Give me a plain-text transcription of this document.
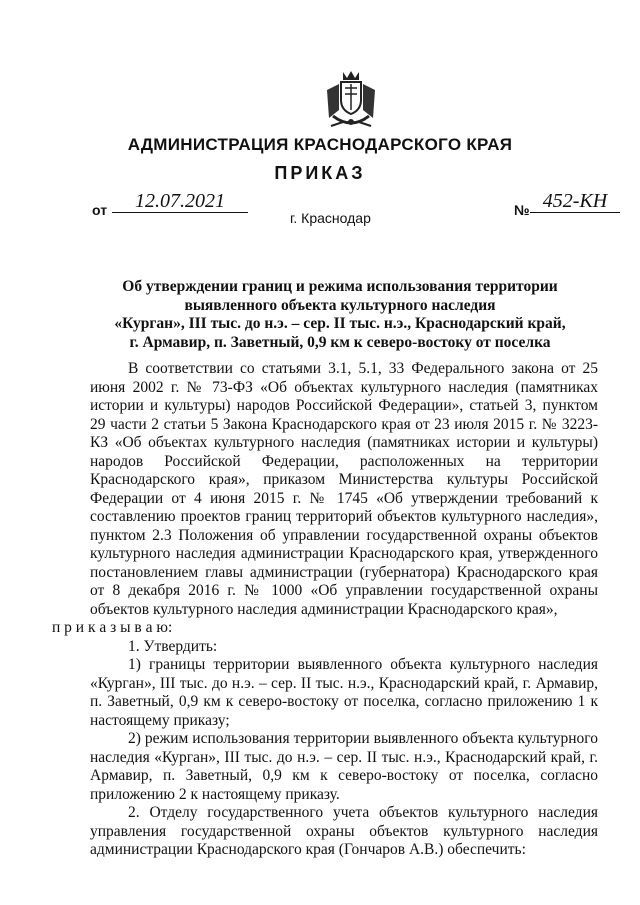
АДМИНИСТРАЦИЯ КРАСНОДАРСКОГО КРАЯ
ПРИКАЗ
от	12.07.2021
г. Краснодар	№ 452-КН
Об утверждении границ и режима использования территории
выявленного объекта культурного наследия
«Курган», III тыс. до н.э. – сер. II тыс. н.э., Краснодарский край,
г. Армавир, п. Заветный, 0,9 км к северо-востоку от поселка

В соответствии со статьями 3.1, 5.1, 33 Федерального закона от 25 июня 2002 г. № 73-ФЗ «Об объектах культурного наследия (памятниках истории и культуры) народов Российской Федерации», статьей 3, пунктом 29 части 2 статьи 5 Закона Краснодарского края от 23 июля 2015 г. № 3223-КЗ «Об объектах культурного наследия (памятниках истории и культуры) народов Российской Федерации, расположенных на территории Краснодарского края», приказом Министерства культуры Российской Федерации от 4 июня 2015 г. № 1745 «Об утверждении требований к составлению проектов границ территорий объектов культурного наследия», пунктом 2.3 Положения об управлении государственной охраны объектов культурного наследия администрации Краснодарского края, утвержденного постановлением главы администрации (губернатора) Краснодарского края от 8 декабря 2016 г. № 1000 «Об управлении государственной охраны объектов культурного наследия администрации Краснодарского края»,
п р и к а з ы в а ю:

1. Утвердить:

1) границы территории выявленного объекта культурного наследия «Курган», III тыс. до н.э. – сер. II тыс. н.э., Краснодарский край, г. Армавир, п. Заветный, 0,9 км к северо-востоку от поселка, согласно приложению 1 к настоящему приказу;

2) режим использования территории выявленного объекта культурного наследия «Курган», III тыс. до н.э. – сер. II тыс. н.э., Краснодарский край, г. Армавир, п. Заветный, 0,9 км к северо-востоку от поселка, согласно приложению 2 к настоящему приказу.

2. Отделу государственного учета объектов культурного наследия управления государственной охраны объектов культурного наследия администрации Краснодарского края (Гончаров А.В.) обеспечить:
